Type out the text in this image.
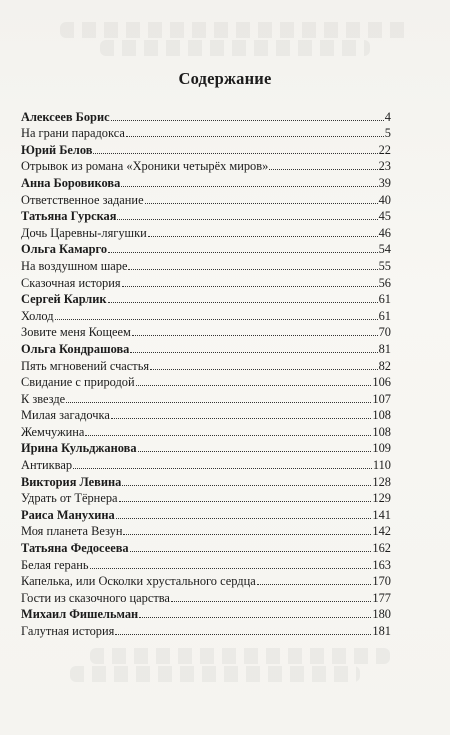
Содержание
Алексеев Борис	4
На грани парадокса	5
Юрий Белов	22
Отрывок из романа «Хроники четырёх миров»	23
Анна Боровикова	39
Ответственное задание	40
Татьяна Гурская	45
Дочь Царевны-лягушки	46
Ольга Камарго	54
На воздушном шаре	55
Сказочная история	56
Сергей Карлик	61
Холод	61
Зовите меня Кощеем	70
Ольга Кондрашова	81
Пять мгновений счастья	82
Свидание с природой	106
К звезде	107
Милая загадочка	108
Жемчужина	108
Ирина Кульджанова	109
Антиквар	110
Виктория Левина	128
Удрать от Тёрнера	129
Раиса Манухина	141
Моя планета Везун	142
Татьяна Федосеева	162
Белая герань	163
Капелька, или Осколки хрустального сердца	170
Гости из сказочного царства	177
Михаил Фишельман	180
Галутная история	181
